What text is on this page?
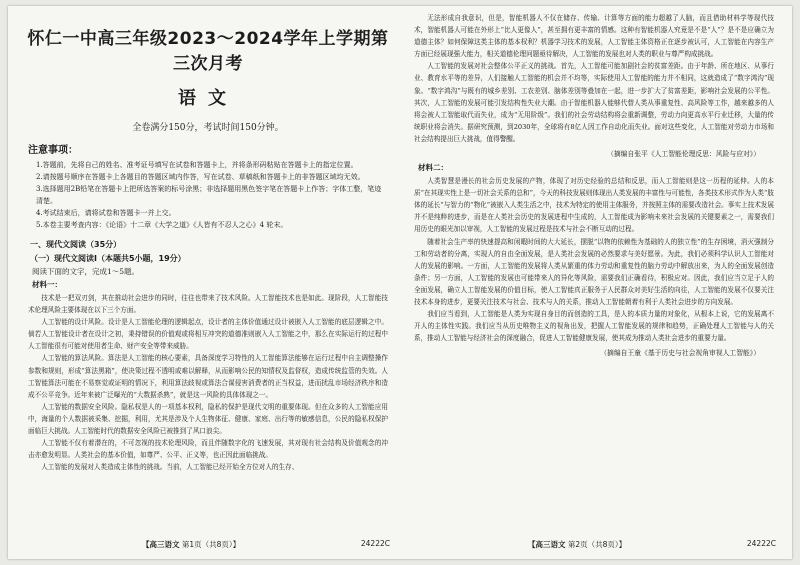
怀仁一中高三年级2023～2024学年上学期第三次月考
语文
全卷满分150分，考试时间150分钟。
注意事项：
1.答题前，先将自己的姓名、准考证号填写在试卷和答题卡上，并将条形码粘贴在答题卡上的指定位置。
2.请按题号顺序在答题卡上各题目的答题区域内作答，写在试卷、草稿纸和答题卡上的非答题区域均无效。
3.选择题用2B铅笔在答题卡上把所选答案的标号涂黑；非选择题用黑色签字笔在答题卡上作答；字体工整，笔迹清楚。
4.考试结束后，请将试卷和答题卡一并上交。
5.本卷主要考查内容：《论语》十二章《大学之道》《人皆有不忍人之心》4 轮末。
一、现代文阅读（35分）
（一）现代文阅读Ⅰ（本题共5小题，19分）
阅读下面的文字，完成1～5题。
材料一：
技术是一把双刃剑，其在推动社会进步的同时，往往也带来了技术风险。人工智能技术也是如此。现阶段，人工智能技术伦理风险主要体现在以下三个方面。
人工智能的设计风险。设计是人工智能伦理的逻辑起点，设计者的主体价值通过设计被嵌入人工智能的底层逻辑之中。倘若人工智能设计者在设计之初，秉持错误的价值观或将相互冲突的道德准则嵌入人工智能之中，那么在实际运行的过程中人工智能很有可能对使用者生命、财产安全等带来威胁。
人工智能的算法风险。算法是人工智能的核心要素，具备深度学习特性的人工智能算法能够在运行过程中自主调整操作参数和规则，形成“算法黑箱”，使决策过程不透明或难以解释，从而影响公民的知情权及监督权，造成传统监管的失效。人工智能算法可能在不易察觉或证明的情况下，利用算法歧视或算法合谋侵害消费者的正当权益，进而扰乱市场经济秩序和造成不公平竞争。近年来被广泛曝光的“大数据杀熟”，就是这一风险的具体体现之一。
人工智能的数据安全风险。隐私权是人的一项基本权利，隐私的保护是现代文明的重要体现。但在众多的人工智能应用中，海量的个人数据被采集、挖掘，利用，尤其是涉及个人生物体征、健康、家庭、出行等的敏感信息，公民的隐私权保护面临巨大挑战。人工智能时代的数据安全风险已被推到了风口浪尖。
人工智能不仅有着潜在的，不可忽视的技术伦理风险，而且伴随数字化的飞速发展，其对现有社会结构及价值观念的冲击亦愈发明显。人类社会的基本价值，如尊严、公平、正义等，也正因此面临挑战。
人工智能的发展对人类造成主体性的挑战。当前，人工智能已经开始全方位对人的生存、
【高三语文 第1页（共8页）】	24222C
无法形成自我意识，但是，智能机器人不仅在储存、传输、计算等方面的能力超越了人脑，而且借助材料学等现代技术，智能机器人可能在外形上“比人更像人”，甚至拥有更丰富的情感。这种有智能机器人究竟是不是“人”？是不是应确立为道德主体？如何保障这类主体的基本权利？机器学习技术的发展，人工智能主体资格正在逐步被认可，人工智能在内容生产方面已经展现强大能力，相关道德伦理问题亟待解决，人工智能的发展也对人类的职业与尊严构成挑战。
人工智能的发展对社会整体公平正义的挑战。首先，人工智能可能加剧社会的贫富差距。由于年龄、所在地区、从事行业、教育水平等的差异，人们接触人工智能的机会并不均等，实际使用人工智能的能力并不相同，这就造成了“数字鸿沟”现象。“数字鸿沟”与既有的城乡差别、工农差别、脑体差别等叠加在一起，进一步扩大了贫富差距，影响社会发展的公平性。其次，人工智能的发展可能引发结构性失业大潮。由于智能机器人能够代替人类从事重复性、高风险等工作，越来越多的人将会被人工智能取代而失业，成为“无用阶级”。我们的社会劳动结构将会重新调整，劳动力向更高水平行业迁移，大量的传统职业将会消失。据研究预测，到2030年，全球将有8亿人因工作自动化而失业。面对这些变化，人工智能对劳动力市场和社会结构提出巨大挑战，值得警醒。
（摘编自张平《人工智能伦理反思：风险与应对》）
材料二：
人类智慧是漫长的社会历史发展的产物，体现了对历史经验的总结和反思，而人工智能则是这一历程的延伸。人的本质“在其现实性上是一切社会关系的总和”，今天的科技发展则体现出人类发展的丰富性与可能性，各类技术形式作为人类“肢体的延长”与智力的“物化”被嵌入人类生活之中，技术为特定的使用主体服务，并按照主体的需要改造社会。事实上技术发展并不是纯粹的进步，而是在人类社会历史的发展进程中生成的，人工智能成为影响未来社会发展的关键要素之一，需要我们用历史的眼光加以审视，人工智能的发展过程是技术与社会不断互动的过程。
随着社会生产率的快速提高和闲暇时间的大大延长，摆脱“以物的依赖性为基础的人的独立性”的生存困境，消灭强制分工和劳动者的分离，实现人的自由全面发展，是人类社会发展的必然要求与美好愿景。为此，我们必须科学认识人工智能对人的发展的影响。一方面，人工智能的发展将人类从繁重的体力劳动和重复性的脑力劳动中解放出来，为人的全面发展创造条件；另一方面，人工智能的发展也可能带来人的异化等风险，需要我们正确看待，积极应对。因此，我们应当立足于人的全面发展，确立人工智能发展的价值目标，使人工智能真正服务于人民群众对美好生活的向往，人工智能的发展不仅要关注技术本身的进步，更要关注技术与社会、技术与人的关系，推动人工智能朝着有利于人类社会进步的方向发展。
我们应当看到，人工智能是人类为实现自身目的而创造的工具，是人的本质力量的对象化，从根本上说，它的发展离不开人的主体性实践。我们应当从历史唯物主义的视角出发，把握人工智能发展的规律和趋势，正确处理人工智能与人的关系，推动人工智能与经济社会的深度融合，促进人工智能健康发展，使其成为推动人类社会进步的重要力量。
（摘编自王童《基于历史与社会视角审视人工智能》）
【高三语文 第2页（共8页）】	24222C
